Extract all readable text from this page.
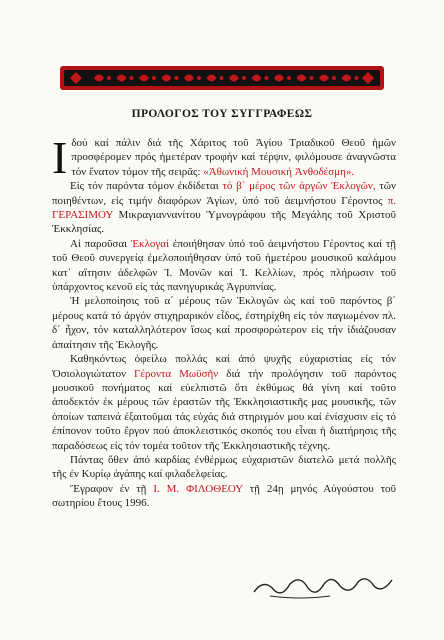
ΠΡΟΛΟΓΟΣ ΤΟΥ ΣΥΓΓΡΑΦΕΩΣ

Ι δού καί πάλιν διά τῆς Χάριτος τοῦ Ἁγίου Τριαδικοῦ Θεοῦ ἡμῶν προσφέρομεν πρός ἡμετέραν τροφήν καί τέρψιν, φιλόμουσε ἀναγνῶστα τόν ἔνατον τόμον τῆς σειρᾶς: «Ἀθωνική Μουσική Ἀνθοδέσμη».

Εἰς τόν παρόντα τόμον ἐκδίδεται τό β΄ μέρος τῶν ἀργῶν Ἐκλογῶν, τῶν ποιηθέντων, εἰς τιμήν διαφόρων Ἁγίων, ὑπό τοῦ ἀειμνήστου Γέροντος π. ΓΕΡΑΣΙΜΟΥ Μικραγιαννανίτου Ὑμνογράφου τῆς Μεγάλης τοῦ Χριστοῦ Ἐκκλησίας.

Αἱ παροῦσαι Ἐκλογαί ἐποιήθησαν ὑπό τοῦ ἀειμνήστου Γέροντος καί τῇ τοῦ Θεοῦ συνεργείᾳ ἐμελοποιήθησαν ὑπό τοῦ ἡμετέρου μουσικοῦ καλάμου κατ᾽ αἴτησιν ἀδελφῶν Ἱ. Μονῶν καί Ἱ. Κελλίων, πρός πλήρωσιν τοῦ ὑπάρχοντος κενοῦ εἰς τάς πανηγυρικάς Ἀγρυπνίας.

Ἡ μελοποίησις τοῦ α΄ μέρους τῶν Ἐκλογῶν ὡς καί τοῦ παρόντος β΄ μέρους κατά τό ἀργόν στιχηραρικόν εἶδος, ἐστηρίχθη εἰς τόν παγιωμένον πλ. δ΄ ἦχον, τόν καταλληλότερον ἴσως καί προσφορώτερον εἰς τήν ἰδιάζουσαν ἀπαίτησιν τῆς Ἐκλογῆς.

Καθηκόντως ὀφείλω πολλάς καί ἀπό ψυχῆς εὐχαριστίας εἰς τόν Ὁσιολογιώτατον Γέροντα Μωϋσῆν διά τήν προλόγησιν τοῦ παρόντος μουσικοῦ πονήματος καί εὐελπιστῶ ὅτι ἐκθύμως θά γίνη καί τοῦτο ἀποδεκτόν ἐκ μέρους τῶν ἐραστῶν τῆς Ἐκκλησιαστικῆς μας μουσικῆς, τῶν ὁποίων ταπεινά ἐξαιτοῦμαι τάς εὐχάς διά στηριγμόν μου καί ἐνίσχυσιν εἰς τό ἐπίπονον τοῦτο ἔργον πού ἀποκλειστικός σκοπός του εἶναι ἡ διατήρησις τῆς παραδόσεως εἰς τόν τομέα τοῦτον τῆς Ἐκκλησιαστικῆς τέχνης.

Πάντας ὅθεν ἀπό καρδίας ἐνθέρμως εὐχαριστῶν διατελῶ μετά πολλῆς τῆς ἐν Κυρίῳ ἀγάπης καί φιλαδελφείας.

Ἔγραφον ἐν τῇ Ι. Μ. ΦΙΛΟΘΕΟΥ τῇ 24ῃ μηνός Αὐγούστου τοῦ σωτηρίου ἔτους 1996.
